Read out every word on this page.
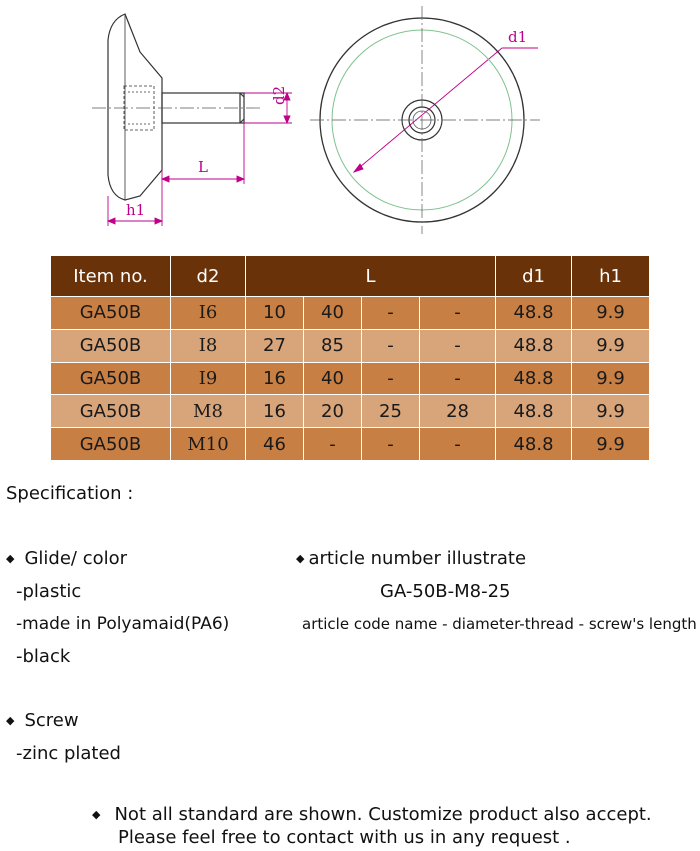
d2
L
h1
d1
Item no.	d2	L				d1	h1
GA50B	I6	10	40	-	-	48.8	9.9
GA50B	I8	27	85	-	-	48.8	9.9
GA50B	I9	16	40	-	-	48.8	9.9
GA50B	M8	16	20	25	28	48.8	9.9
GA50B	M10	46	-	-	-	48.8	9.9
Specification :
◆ Glide/ color
-plastic
-made in Polyamaid(PA6)
-black
◆ Screw
-zinc plated
◆ article number illustrate
GA-50B-M8-25
article code name - diameter-thread - screw's length
◆ Not all standard are shown. Customize product also accept.
Please feel free to contact with us in any request .
